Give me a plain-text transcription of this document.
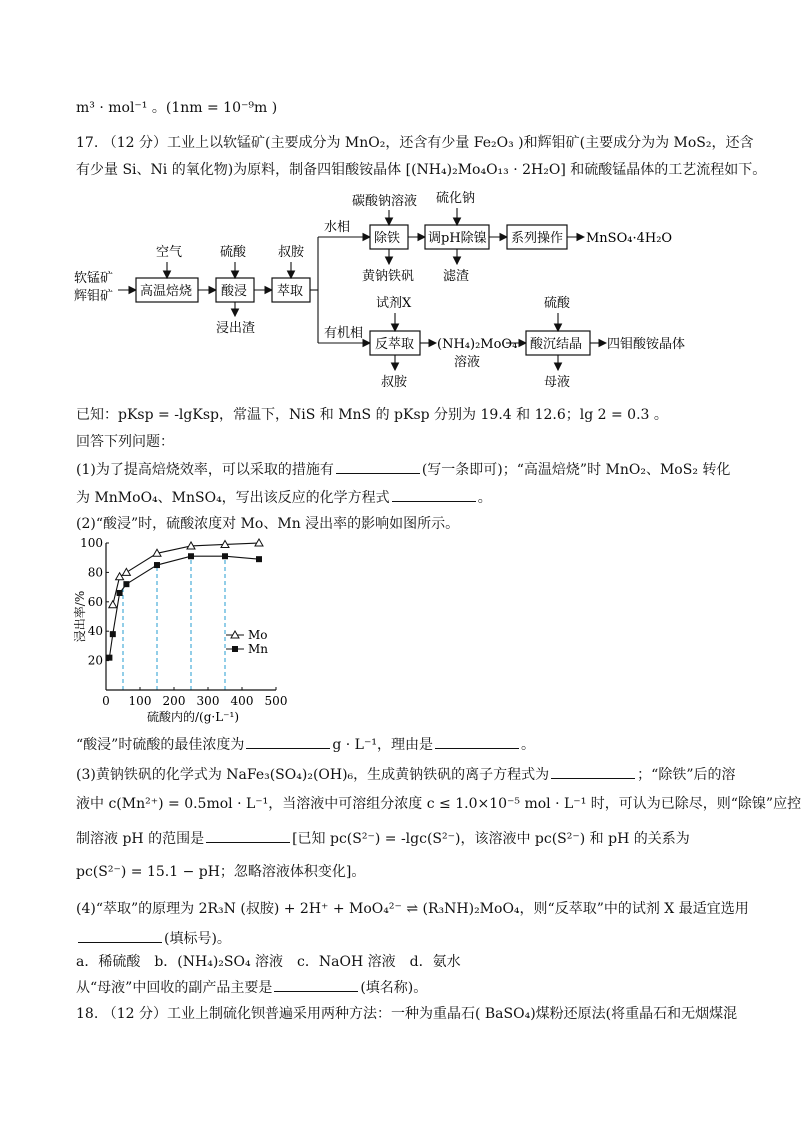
m³ · mol⁻¹ 。(1nm = 10⁻⁹m )
17. （12 分）工业上以软锰矿(主要成分为 MnO₂，还含有少量 Fe₂O₃ )和辉钼矿(主要成分为为 MoS₂，还含
有少量 Si、Ni 的氧化物)为原料，制备四钼酸铵晶体 [(NH₄)₂Mo₄O₁₃ · 2H₂O] 和硫酸锰晶体的工艺流程如下。
软锰矿
辉钼矿 高温焙烧
空气
酸浸
硫酸
浸出渣
萃取
叔胺
水相
有机相
除铁
碳酸钠溶液
黄钠铁矾
调pH除镍
硫化钠
滤渣
系列操作 MnSO₄·4H₂O
反萃取
试剂X
叔胺
(NH₄)₂MoO₄
溶液
酸沉结晶
硫酸
母液
四钼酸铵晶体
已知：pKsp = -lgKsp，常温下，NiS 和 MnS 的 pKsp 分别为 19.4 和 12.6；lg 2 = 0.3 。
回答下列问题：
(1)为了提高焙烧效率，可以采取的措施有	(写一条即可)；“高温焙烧”时 MnO₂、MoS₂ 转化
为 MnMoO₄、MnSO₄，写出该反应的化学方程式	。
(2)“酸浸”时，硫酸浓度对 Mo、Mn 浸出率的影响如图所示。
0 100 200 300 400 500
20
40
60
80
100
硫酸内的/(g·L⁻¹)
浸出率/%	Mo
Mn
“酸浸”时硫酸的最佳浓度为	g · L⁻¹，理由是	。
(3)黄钠铁矾的化学式为 NaFe₃(SO₄)₂(OH)₆，生成黄钠铁矾的离子方程式为	；“除铁”后的溶
液中 c(Mn²⁺) = 0.5mol · L⁻¹，当溶液中可溶组分浓度 c ≤ 1.0×10⁻⁵ mol · L⁻¹ 时，可认为已除尽，则“除镍”应控
制溶液 pH 的范围是	[已知 pc(S²⁻) = -lgc(S²⁻)，该溶液中 pc(S²⁻) 和 pH 的关系为
pc(S²⁻) = 15.1 − pH；忽略溶液体积变化]。
(4)“萃取”的原理为 2R₃N (叔胺) + 2H⁺ + MoO₄²⁻ ⇌ (R₃NH)₂MoO₄，则“反萃取”中的试剂 X 最适宜选用
(填标号)。
a．稀硫酸　b．(NH₄)₂SO₄ 溶液　c．NaOH 溶液　d．氨水
从“母液”中回收的副产品主要是	(填名称)。
18. （12 分）工业上制硫化钡普遍采用两种方法：一种为重晶石( BaSO₄)煤粉还原法(将重晶石和无烟煤混
